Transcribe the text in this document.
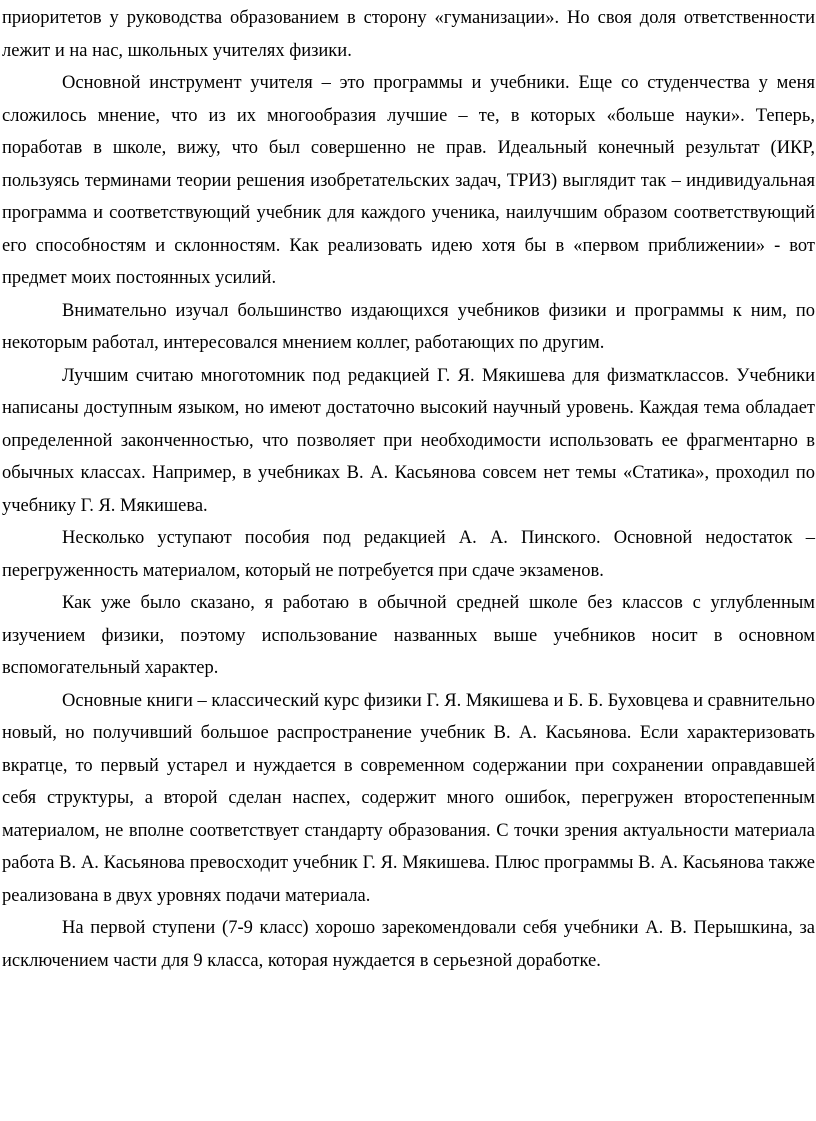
приоритетов у руководства образованием в сторону «гуманизации». Но своя доля ответственности лежит и на нас, школьных учителях физики.

Основной инструмент учителя – это программы и учебники. Еще со студенчества у меня сложилось мнение, что из их многообразия лучшие – те, в которых «больше науки». Теперь, поработав в школе, вижу, что был совершенно не прав. Идеальный конечный результат (ИКР, пользуясь терминами теории решения изобретательских задач, ТРИЗ) выглядит так – индивидуальная программа и соответствующий учебник для каждого ученика, наилучшим образом соответствующий его способностям и склонностям. Как реализовать идею хотя бы в «первом приближении» - вот предмет моих постоянных усилий.

Внимательно изучал большинство издающихся учебников физики и программы к ним, по некоторым работал, интересовался мнением коллег, работающих по другим.

Лучшим считаю многотомник под редакцией Г. Я. Мякишева для физматклассов. Учебники написаны доступным языком, но имеют достаточно высокий научный уровень. Каждая тема обладает определенной законченностью, что позволяет при необходимости использовать ее фрагментарно в обычных классах. Например, в учебниках В. А. Касьянова совсем нет темы «Статика», проходил по учебнику Г. Я. Мякишева.

Несколько уступают пособия под редакцией А. А. Пинского. Основной недостаток – перегруженность материалом, который не потребуется при сдаче экзаменов.

Как уже было сказано, я работаю в обычной средней школе без классов с углубленным изучением физики, поэтому использование названных выше учебников носит в основном вспомогательный характер.

Основные книги – классический курс физики Г. Я. Мякишева и Б. Б. Буховцева и сравнительно новый, но получивший большое распространение учебник В. А. Касьянова. Если характеризовать вкратце, то первый устарел и нуждается в современном содержании при сохранении оправдавшей себя структуры, а второй сделан наспех, содержит много ошибок, перегружен второстепенным материалом, не вполне соответствует стандарту образования. С точки зрения актуальности материала работа В. А. Касьянова превосходит учебник Г. Я. Мякишева. Плюс программы В. А. Касьянова также реализована в двух уровнях подачи материала.

На первой ступени (7-9 класс) хорошо зарекомендовали себя учебники А. В. Перышкина, за исключением части для 9 класса, которая нуждается в серьезной доработке.
